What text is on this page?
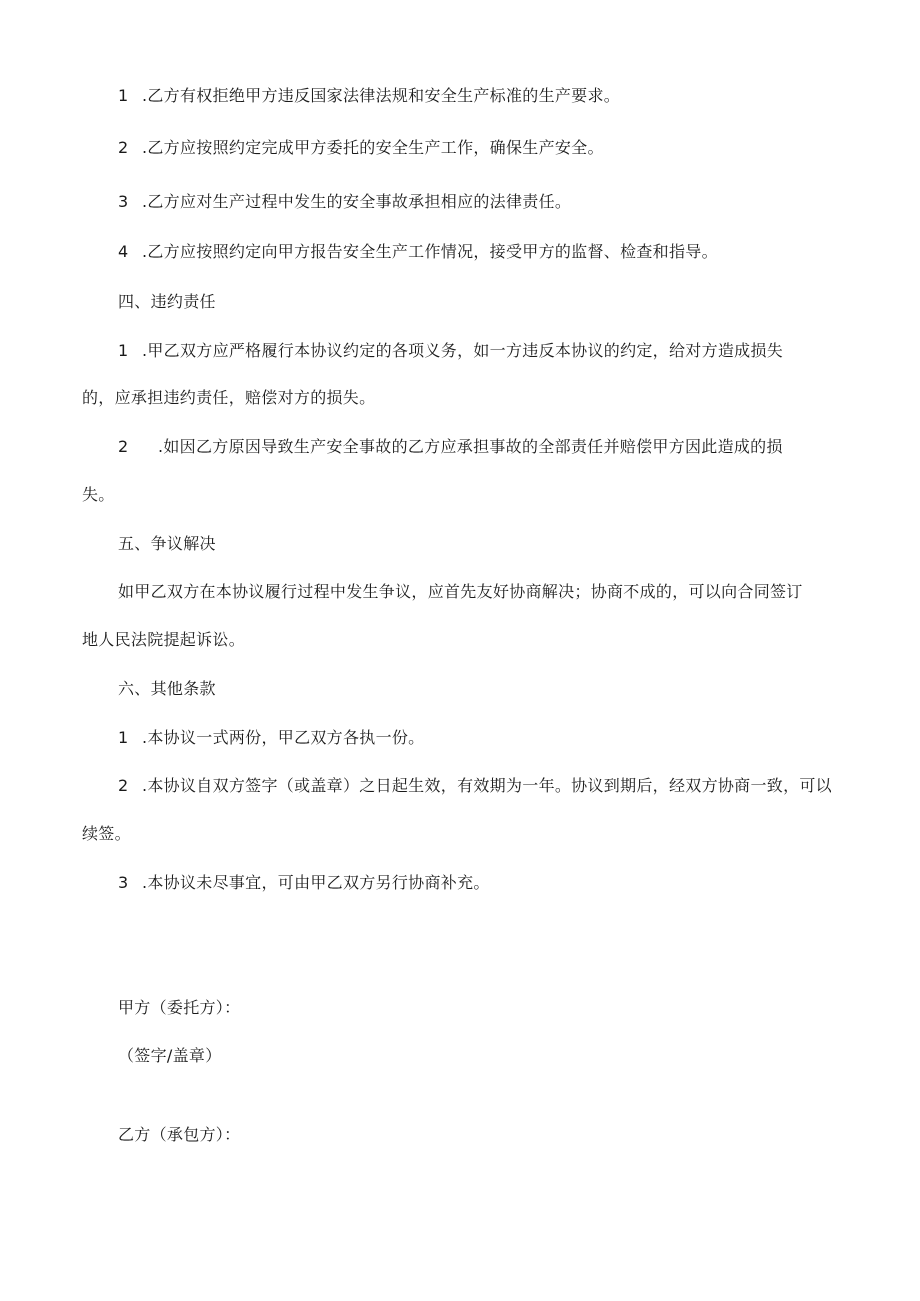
1 .乙方有权拒绝甲方违反国家法律法规和安全生产标准的生产要求。
2 .乙方应按照约定完成甲方委托的安全生产工作，确保生产安全。
3 .乙方应对生产过程中发生的安全事故承担相应的法律责任。
4 .乙方应按照约定向甲方报告安全生产工作情况，接受甲方的监督、检查和指导。
四、违约责任
1 .甲乙双方应严格履行本协议约定的各项义务，如一方违反本协议的约定，给对方造成损失
的，应承担违约责任，赔偿对方的损失。
2 .如因乙方原因导致生产安全事故的乙方应承担事故的全部责任并赔偿甲方因此造成的损
失。
五、争议解决
如甲乙双方在本协议履行过程中发生争议，应首先友好协商解决；协商不成的，可以向合同签订
地人民法院提起诉讼。
六、其他条款
1 .本协议一式两份，甲乙双方各执一份。
2 .本协议自双方签字（或盖章）之日起生效，有效期为一年。协议到期后，经双方协商一致，可以
续签。
3 .本协议未尽事宜，可由甲乙双方另行协商补充。
甲方（委托方）：
（签字/盖章）
乙方（承包方）：
